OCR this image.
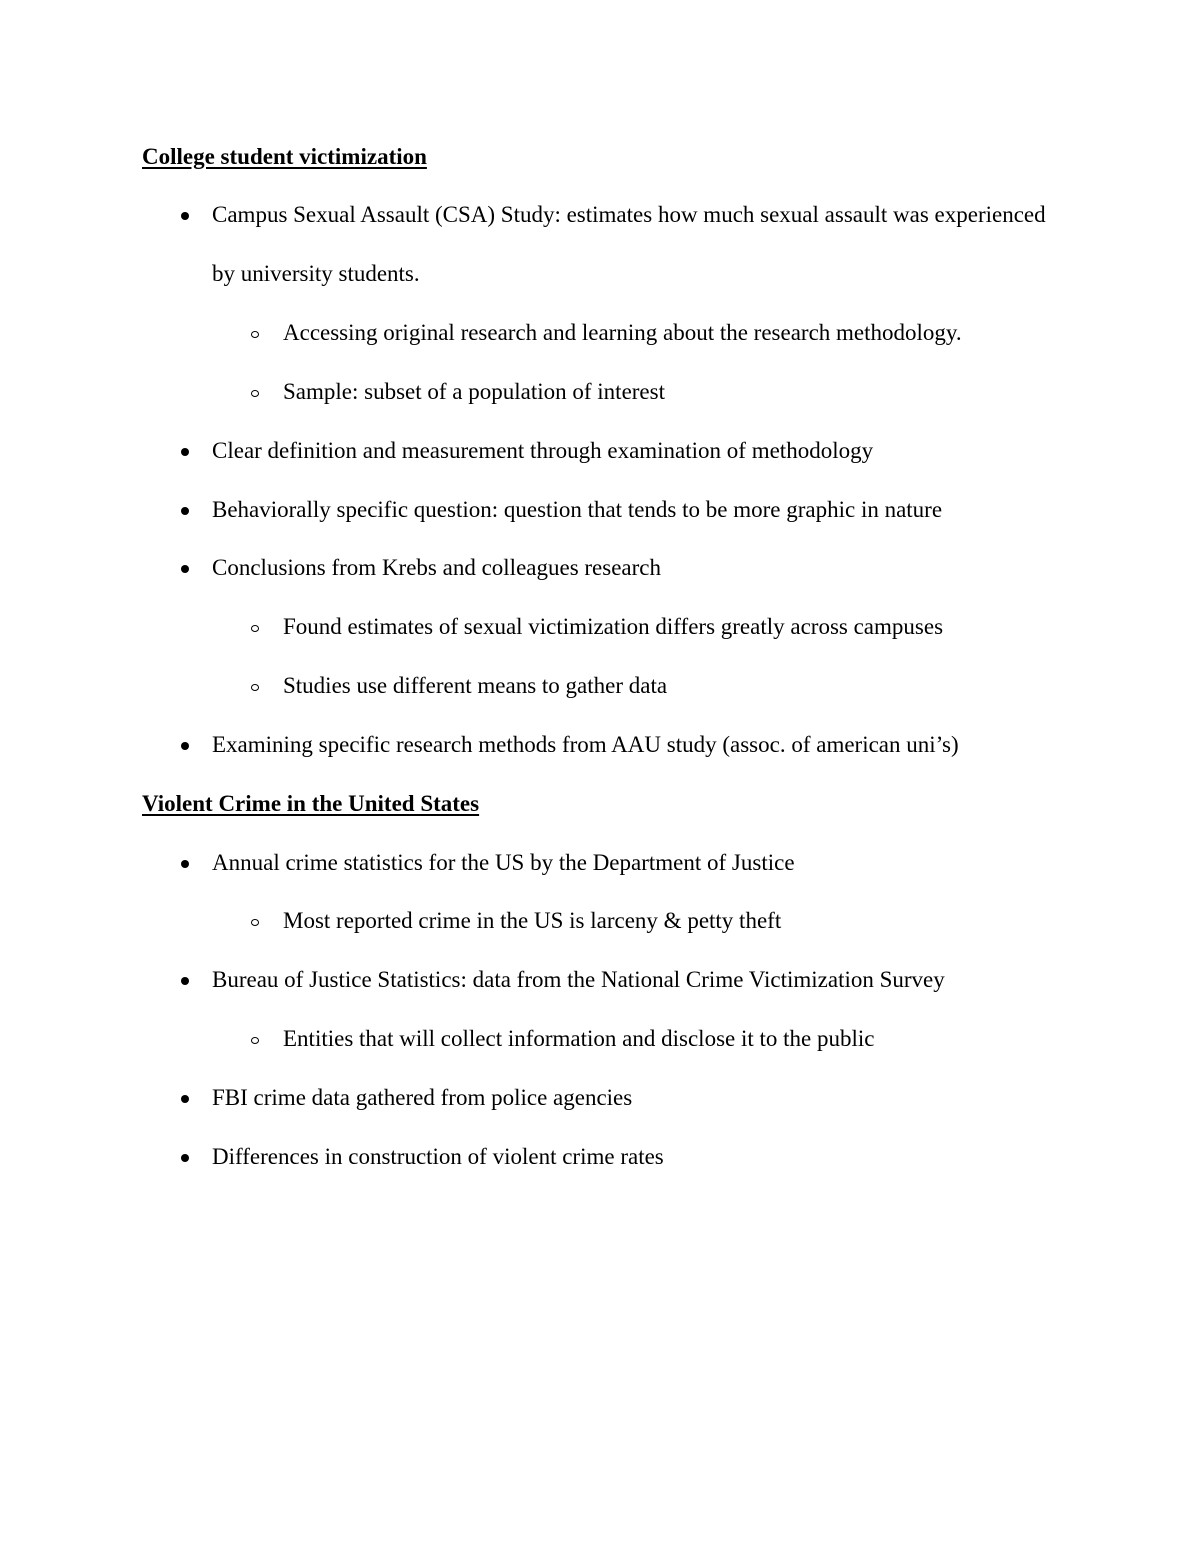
College student victimization
Campus Sexual Assault (CSA) Study: estimates how much sexual assault was experienced
by university students.
Accessing original research and learning about the research methodology.
Sample: subset of a population of interest
Clear definition and measurement through examination of methodology
Behaviorally specific question: question that tends to be more graphic in nature
Conclusions from Krebs and colleagues research
Found estimates of sexual victimization differs greatly across campuses
Studies use different means to gather data
Examining specific research methods from AAU study (assoc. of american uni’s)
Violent Crime in the United States
Annual crime statistics for the US by the Department of Justice
Most reported crime in the US is larceny & petty theft
Bureau of Justice Statistics: data from the National Crime Victimization Survey
Entities that will collect information and disclose it to the public
FBI crime data gathered from police agencies
Differences in construction of violent crime rates
